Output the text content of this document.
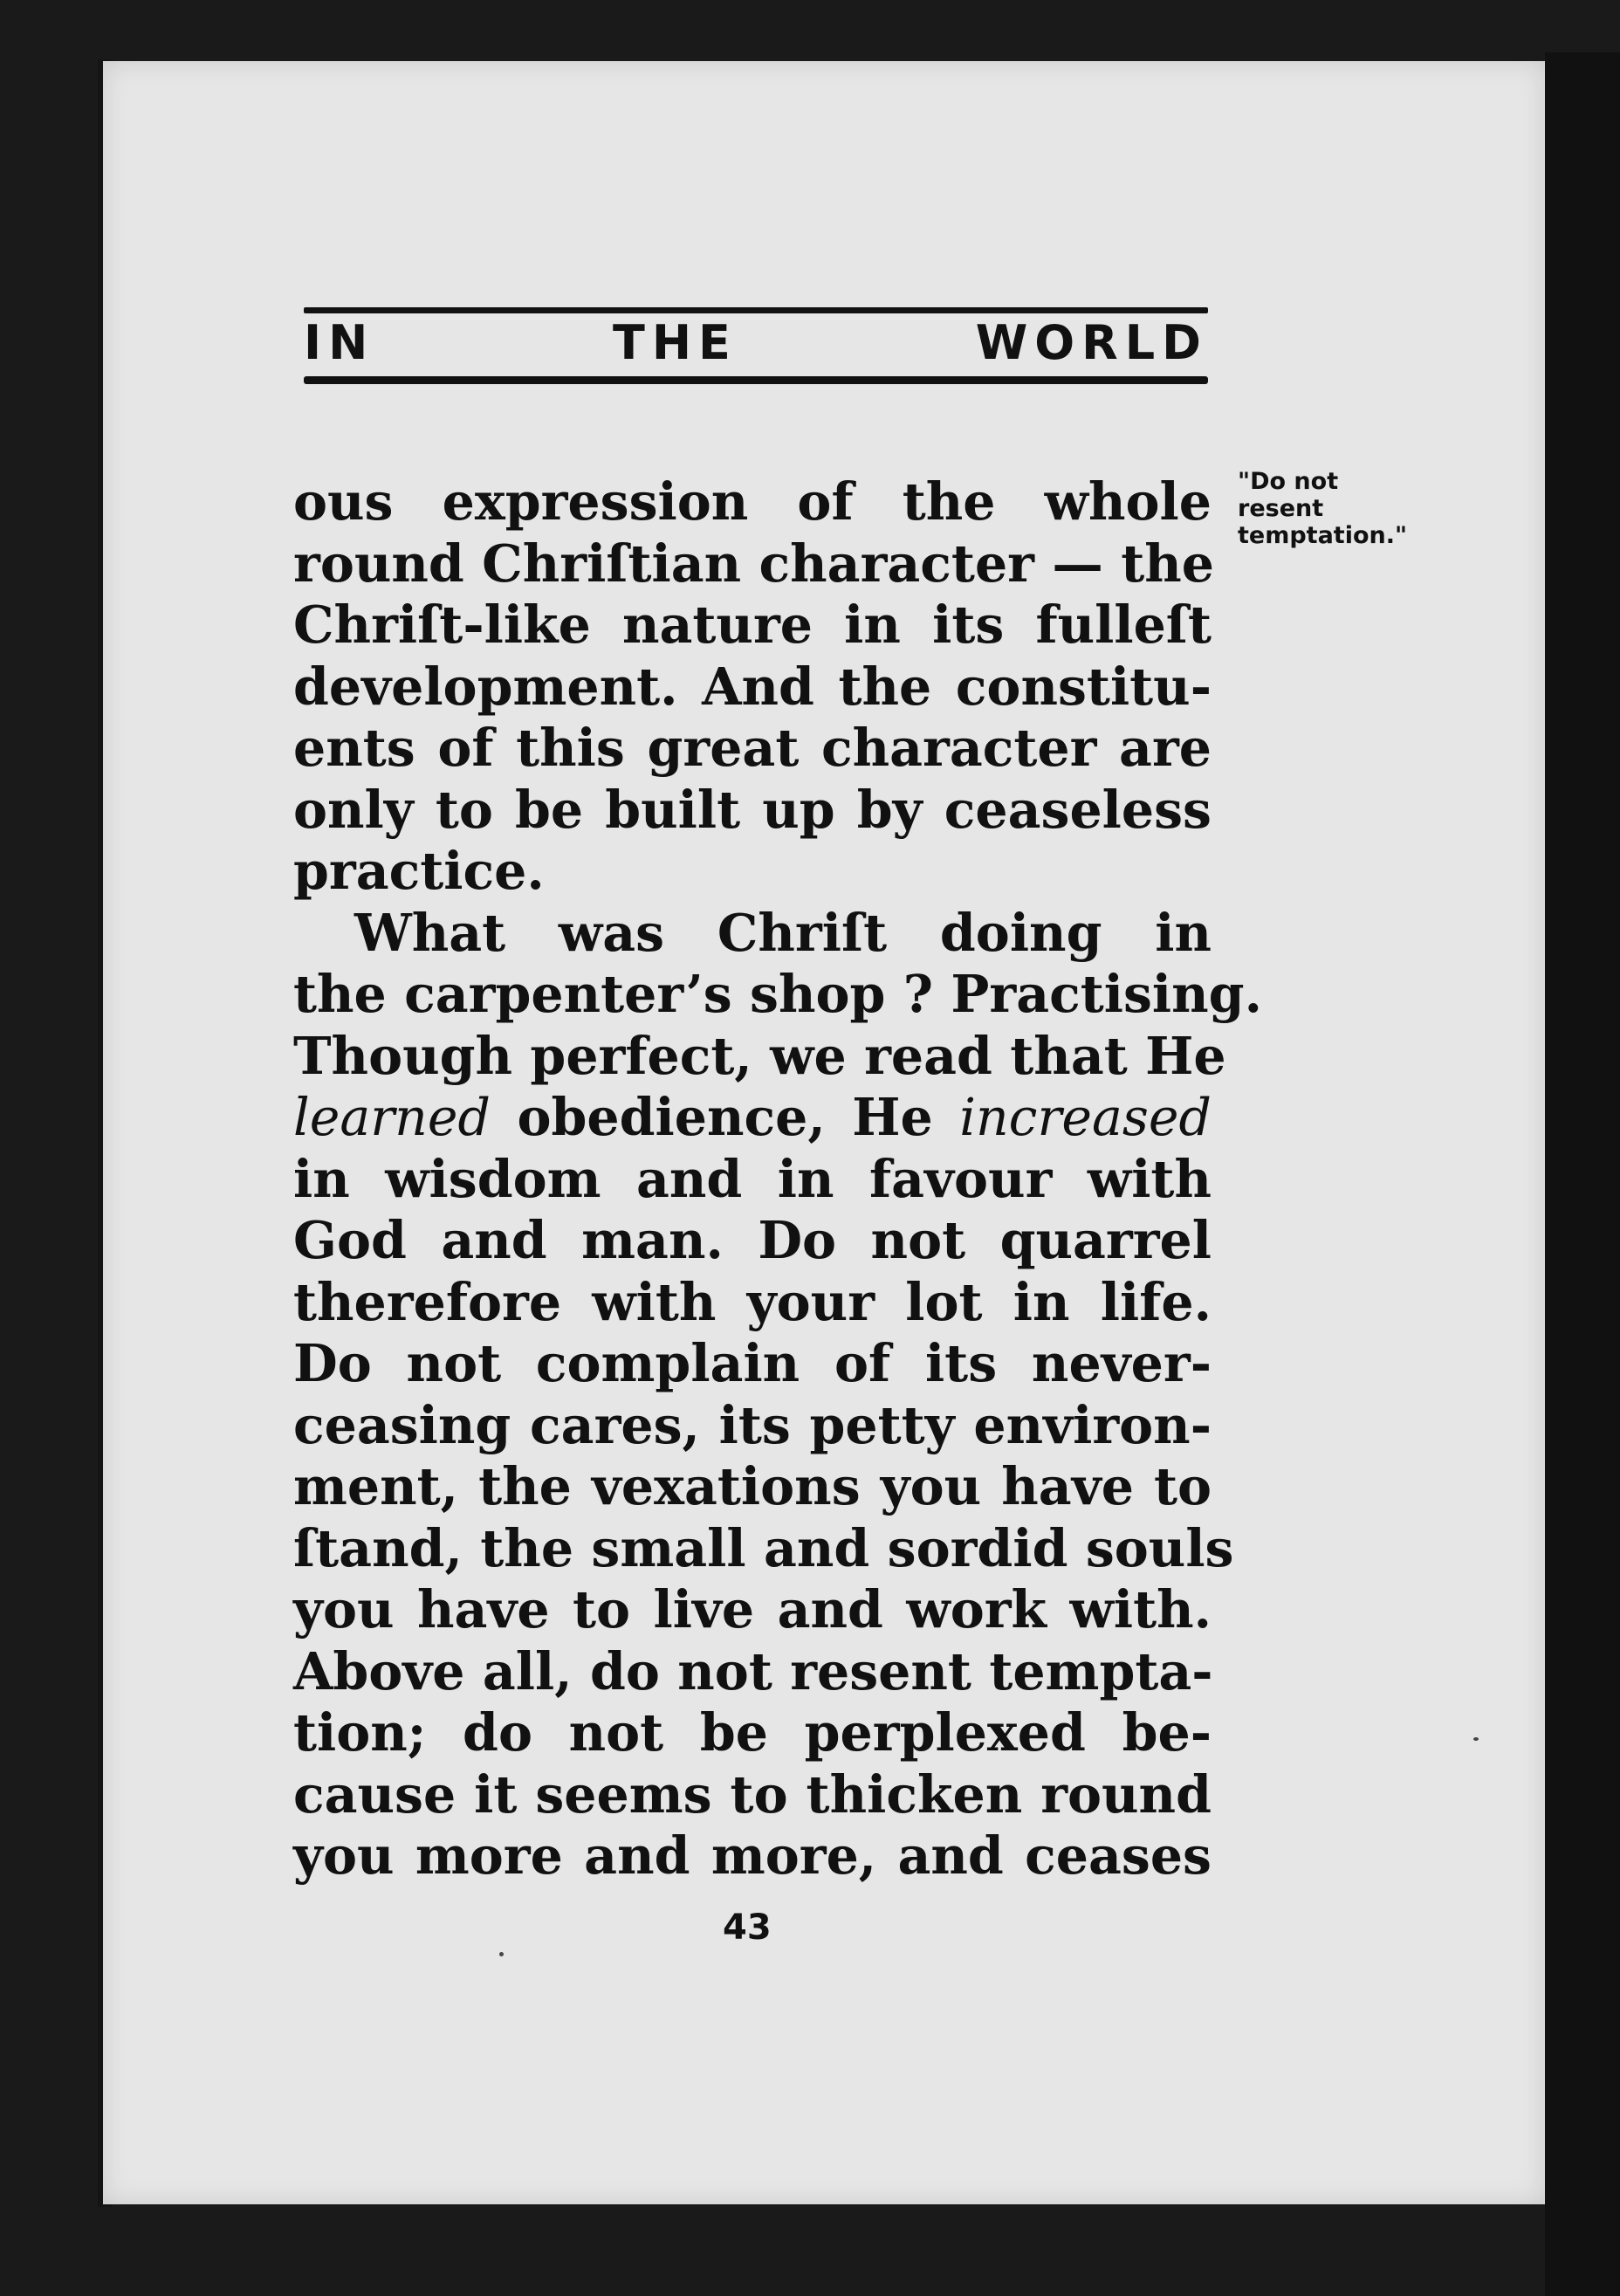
IN	THE	WORLD
"Do not
resent
temptation."
ous expression of the whole
round Chriſtian character — the
Chriſt-like nature in its fulleſt
development. And the constitu-
ents of this great character are
only to be built up by ceaseless
practice.
What was Chriſt doing in
the carpenter’s shop ? Practising.
Though perfect, we read that He
learned obedience, He increased
in wisdom and in favour with
God and man. Do not quarrel
therefore with your lot in life.
Do not complain of its never-
ceasing cares, its petty environ-
ment, the vexations you have to
ſtand, the small and sordid souls
you have to live and work with.
Above all, do not resent tempta-
tion; do not be perplexed be-
cause it seems to thicken round
you more and more, and ceases
43
